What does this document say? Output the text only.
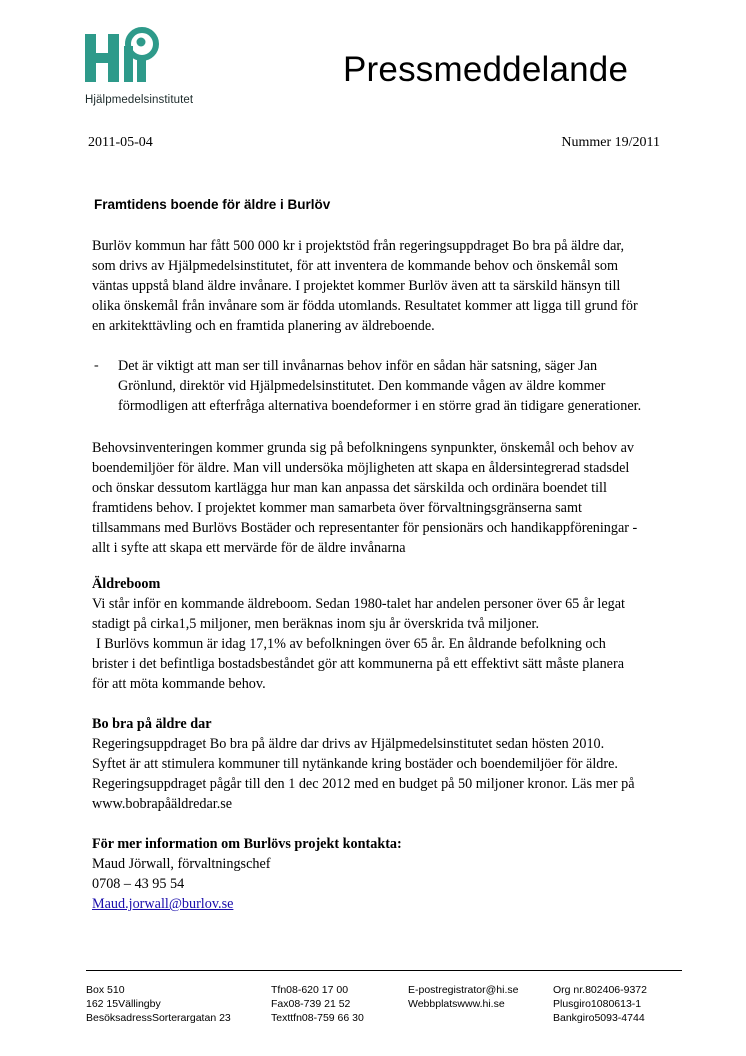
Hjälpmedelsinstitutet
Pressmeddelande
2011-05-04	Nummer 19/2011
Framtidens boende för äldre i Burlöv
Burlöv kommun har fått 500 000 kr i projektstöd från regeringsuppdraget Bo bra på äldre dar,
som drivs av Hjälpmedelsinstitutet, för att inventera de kommande behov och önskemål som
väntas uppstå bland äldre invånare. I projektet kommer Burlöv även att ta särskild hänsyn till
olika önskemål från invånare som är födda utomlands. Resultatet kommer att ligga till grund för
en arkitekttävling och en framtida planering av äldreboende.
- Det är viktigt att man ser till invånarnas behov inför en sådan här satsning, säger Jan
Grönlund, direktör vid Hjälpmedelsinstitutet. Den kommande vågen av äldre kommer
förmodligen att efterfråga alternativa boendeformer i en större grad än tidigare generationer.
Behovsinventeringen kommer grunda sig på befolkningens synpunkter, önskemål och behov av
boendemiljöer för äldre. Man vill undersöka möjligheten att skapa en åldersintegrerad stadsdel
och önskar dessutom kartlägga hur man kan anpassa det särskilda och ordinära boendet till
framtidens behov. I projektet kommer man samarbeta över förvaltningsgränserna samt
tillsammans med Burlövs Bostäder och representanter för pensionärs och handikappföreningar -
allt i syfte att skapa ett mervärde för de äldre invånarna
Äldreboom
Vi står inför en kommande äldreboom. Sedan 1980-talet har andelen personer över 65 år legat
stadigt på cirka1,5 miljoner, men beräknas inom sju år överskrida två miljoner.
I Burlövs kommun är idag 17,1% av befolkningen över 65 år. En åldrande befolkning och
brister i det befintliga bostadsbeståndet gör att kommunerna på ett effektivt sätt måste planera
för att möta kommande behov.
Bo bra på äldre dar
Regeringsuppdraget Bo bra på äldre dar drivs av Hjälpmedelsinstitutet sedan hösten 2010.
Syftet är att stimulera kommuner till nytänkande kring bostäder och boendemiljöer för äldre.
Regeringsuppdraget pågår till den 1 dec 2012 med en budget på 50 miljoner kronor. Läs mer på
www.bobrapåäldredar.se
För mer information om Burlövs projekt kontakta:
Maud Jörwall, förvaltningschef
0708 – 43 95 54
Maud.jorwall@burlov.se
Box 510
162 15Vällingby
BesöksadressSorterargatan 23
Tfn08-620 17 00
Fax08-739 21 52
Texttfn08-759 66 30
E-postregistrator@hi.se
Webbplatswww.hi.se
Org nr.802406-9372
Plusgiro1080613-1
Bankgiro5093-4744
